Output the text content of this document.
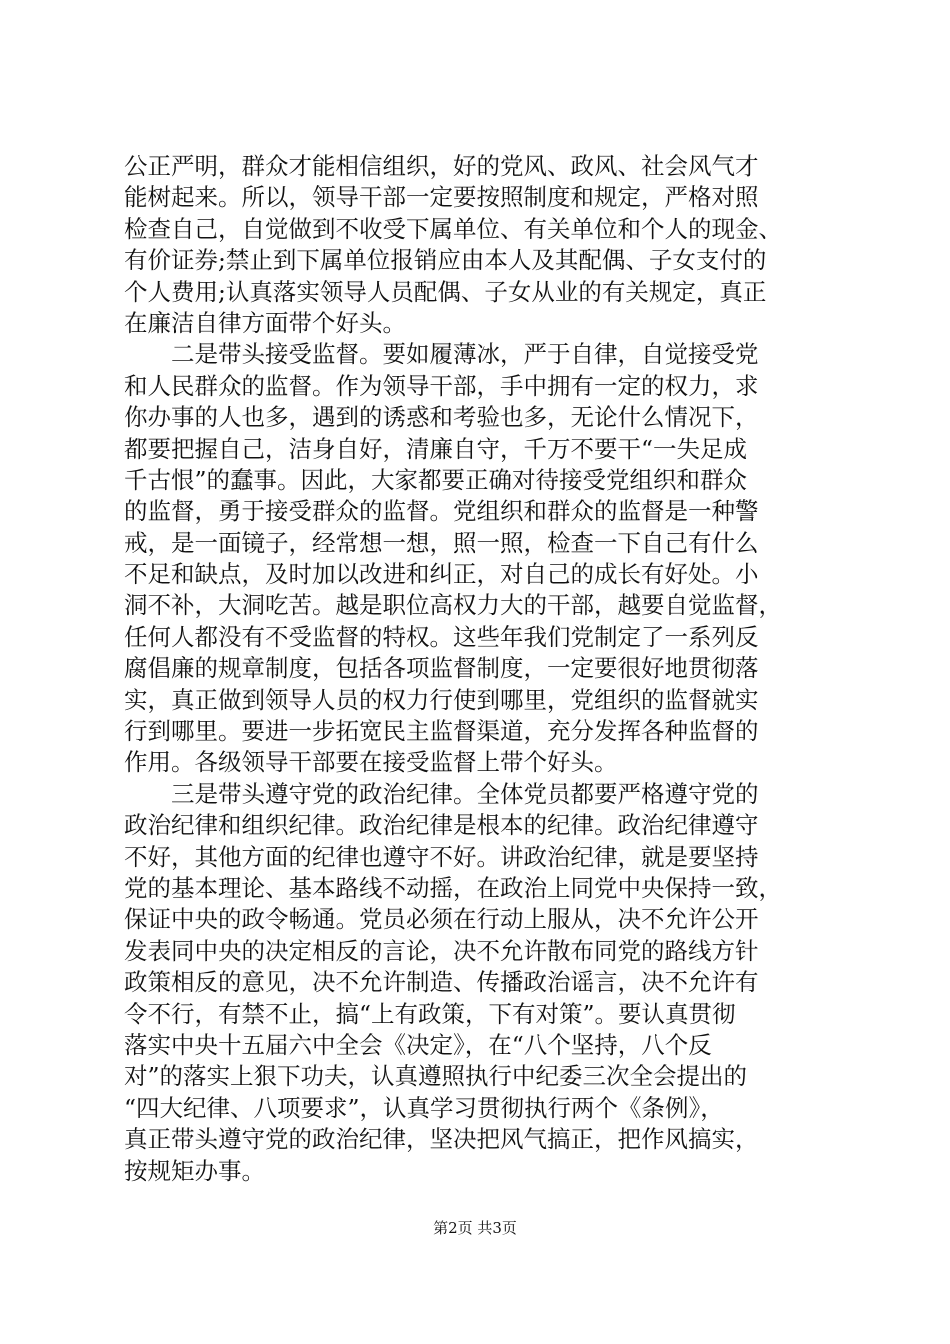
公正严明，群众才能相信组织，好的党风、政风、社会风气才
能树起来。所以，领导干部一定要按照制度和规定，严格对照
检查自己，自觉做到不收受下属单位、有关单位和个人的现金、
有价证券;禁止到下属单位报销应由本人及其配偶、子女支付的
个人费用;认真落实领导人员配偶、子女从业的有关规定，真正
在廉洁自律方面带个好头。
　　二是带头接受监督。要如履薄冰，严于自律，自觉接受党
和人民群众的监督。作为领导干部，手中拥有一定的权力，求
你办事的人也多，遇到的诱惑和考验也多，无论什么情况下，
都要把握自己，洁身自好，清廉自守，千万不要干“一失足成
千古恨”的蠢事。因此，大家都要正确对待接受党组织和群众
的监督，勇于接受群众的监督。党组织和群众的监督是一种警
戒，是一面镜子，经常想一想，照一照，检查一下自己有什么
不足和缺点，及时加以改进和纠正，对自己的成长有好处。小
洞不补，大洞吃苦。越是职位高权力大的干部，越要自觉监督，
任何人都没有不受监督的特权。这些年我们党制定了一系列反
腐倡廉的规章制度，包括各项监督制度，一定要很好地贯彻落
实，真正做到领导人员的权力行使到哪里，党组织的监督就实
行到哪里。要进一步拓宽民主监督渠道，充分发挥各种监督的
作用。各级领导干部要在接受监督上带个好头。
　　三是带头遵守党的政治纪律。全体党员都要严格遵守党的
政治纪律和组织纪律。政治纪律是根本的纪律。政治纪律遵守
不好，其他方面的纪律也遵守不好。讲政治纪律，就是要坚持
党的基本理论、基本路线不动摇，在政治上同党中央保持一致，
保证中央的政令畅通。党员必须在行动上服从，决不允许公开
发表同中央的决定相反的言论，决不允许散布同党的路线方针
政策相反的意见，决不允许制造、传播政治谣言，决不允许有
令不行，有禁不止，搞“上有政策，下有对策”。要认真贯彻
落实中央十五届六中全会《决定》，在“八个坚持，八个反
对”的落实上狠下功夫，认真遵照执行中纪委三次全会提出的
“四大纪律、八项要求”，认真学习贯彻执行两个《条例》，
真正带头遵守党的政治纪律，坚决把风气搞正，把作风搞实，
按规矩办事。
第2页 共3页
